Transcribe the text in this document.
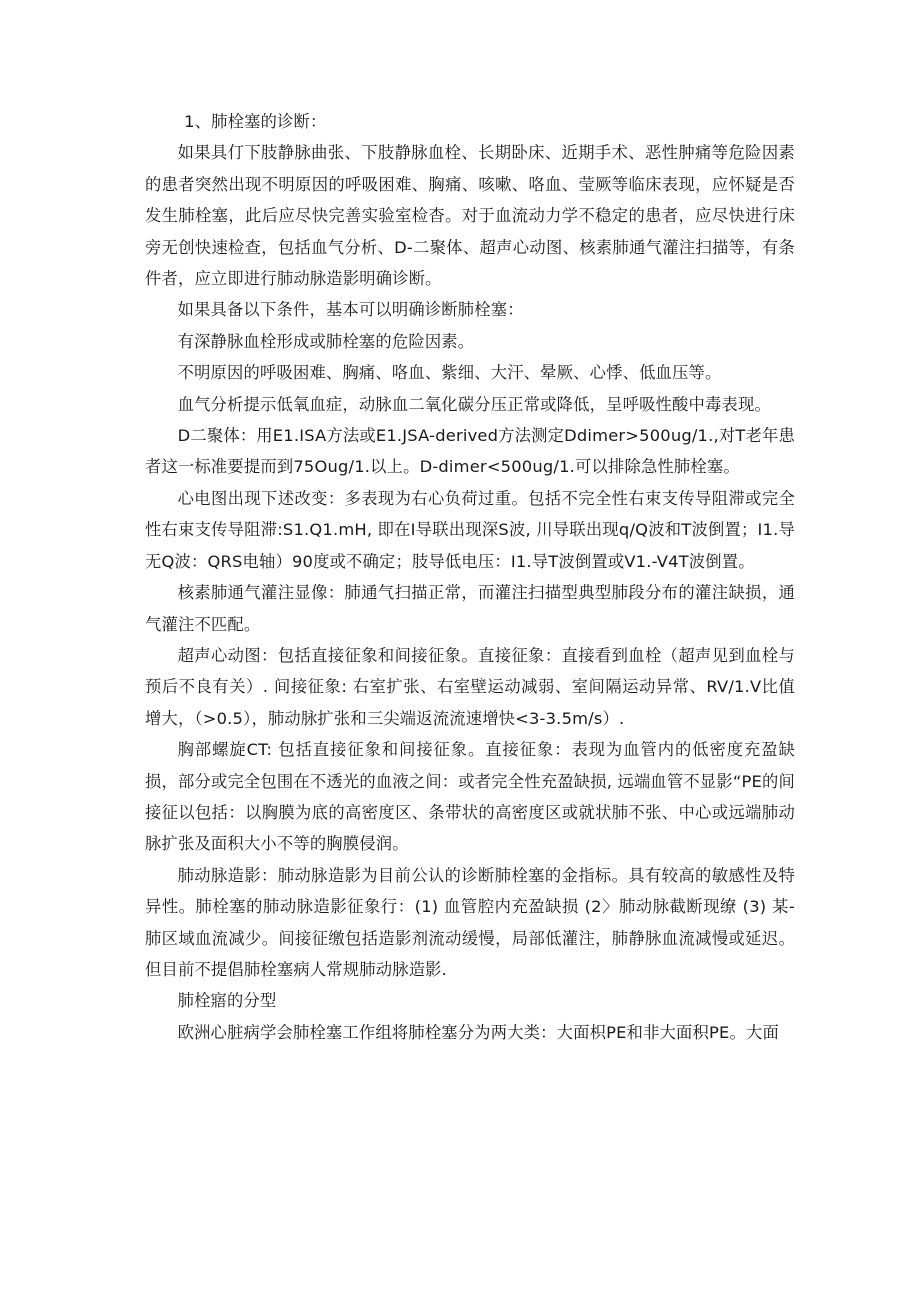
1、肺栓塞的诊断：

如果具仃下肢静脉曲张、下肢静脉血栓、长期卧床、近期手术、恶性肿痛等危险因素的患者突然出现不明原因的呼吸困难、胸痛、咳嗽、咯血、莹厥等临床表现，应怀疑是否发生肺栓塞，此后应尽快完善实验室检杳。对于血流动力学不稳定的患者，应尽快进行床旁无创快速检查，包括血气分析、D-二聚体、超声心动图、核素肺通气灌注扫描等，有条件者，应立即进行肺动脉造影明确诊断。

如果具备以下条件，基本可以明确诊断肺栓塞：

有深静脉血栓形成或肺栓塞的危险因素。

不明原因的呼吸困难、胸痛、咯血、紫细、大汗、晕厥、心悸、低血压等。

血气分析提示低氧血症，动脉血二氧化碳分压正常或降低，呈呼吸性酸中毒表现。

D二聚体：用E1.ISA方法或E1.JSA-derived方法测定Ddimer>500ug∕1.,对T老年患者这一标准要提而到75Oug∕1.以上。D-dimer<500ug∕1.可以排除急性肺栓塞。

心电图出现下述改变：多表现为右心负荷过重。包括不完全性右束支传导阻滞或完全性右束支传导阻滞:S1.Q1.mH, 即在I导联出现深S波, 川导联出现q/Q波和T波倒置；I1.导无Q波：QRS电轴）90度或不确定；肢导低电压：I1.导T波倒置或V1.-V4T波倒置。

核素肺通气灌注显像：肺通气扫描正常，而灌注扫描型典型肺段分布的灌注缺损，通气灌注不匹配。

超声心动图：包括直接征象和间接征象。直接征象：直接看到血栓（超声见到血栓与预后不良有关）. 间接征象: 右室扩张、右室壁运动减弱、室间隔运动异常、RV/1.V比值增大，（>0.5），肺动脉扩张和三尖端返流流速增快<3-3.5m∕s）.

胸部螺旋CT: 包括直接征象和间接征象。直接征象：表现为血管内的低密度充盈缺损，部分或完全包围在不透光的血液之间：或者完全性充盈缺损, 远端血管不显影“PE的间接征以包括：以胸膜为底的高密度区、条带状的高密度区或就状肺不张、中心或远端肺动脉扩张及面积大小不等的胸膜侵润。

肺动脉造影：肺动脉造影为目前公认的诊断肺栓塞的金指标。具有较高的敏感性及特异性。肺栓塞的肺动脉造影征象行：(1) 血管腔内充盈缺损 (2〉肺动脉截断现缭 (3) 某-肺区域血流减少。间接征缴包括造影剂流动缓慢，局部低灌注，肺静脉血流减慢或延迟。但目前不提倡肺栓塞病人常规肺动脉造影.

肺栓寤的分型

欧洲心脏病学会肺栓塞工作组将肺栓塞分为两大类：大面枳PE和非大面积PE。大面
